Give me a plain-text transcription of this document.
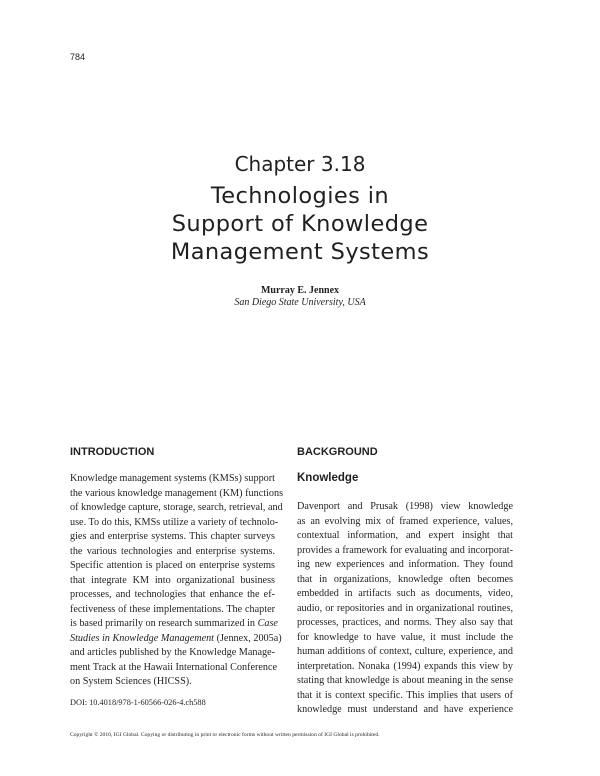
784
Chapter 3.18
Technologies in
Support of Knowledge
Management Systems
Murray E. Jennex
San Diego State University, USA
INTRODUCTION
Knowledge management systems (KMSs) support
the various knowledge management (KM) functions
of knowledge capture, storage, search, retrieval, and
use. To do this, KMSs utilize a variety of technolo-
gies and enterprise systems. This chapter surveys
the various technologies and enterprise systems.
Specific attention is placed on enterprise systems
that integrate KM into organizational business
processes, and technologies that enhance the ef-
fectiveness of these implementations. The chapter
is based primarily on research summarized in Case
Studies in Knowledge Management (Jennex, 2005a)
and articles published by the Knowledge Manage-
ment Track at the Hawaii International Conference
on System Sciences (HICSS).
DOI: 10.4018/978-1-60566-026-4.ch588
BACKGROUND
Knowledge
Davenport and Prusak (1998) view knowledge
as an evolving mix of framed experience, values,
contextual information, and expert insight that
provides a framework for evaluating and incorporat-
ing new experiences and information. They found
that in organizations, knowledge often becomes
embedded in artifacts such as documents, video,
audio, or repositories and in organizational routines,
processes, practices, and norms. They also say that
for knowledge to have value, it must include the
human additions of context, culture, experience, and
interpretation. Nonaka (1994) expands this view by
stating that knowledge is about meaning in the sense
that it is context specific. This implies that users of
knowledge must understand and have experience
Copyright © 2010, IGI Global. Copying or distributing in print or electronic forms without written permission of IGI Global is prohibited.
